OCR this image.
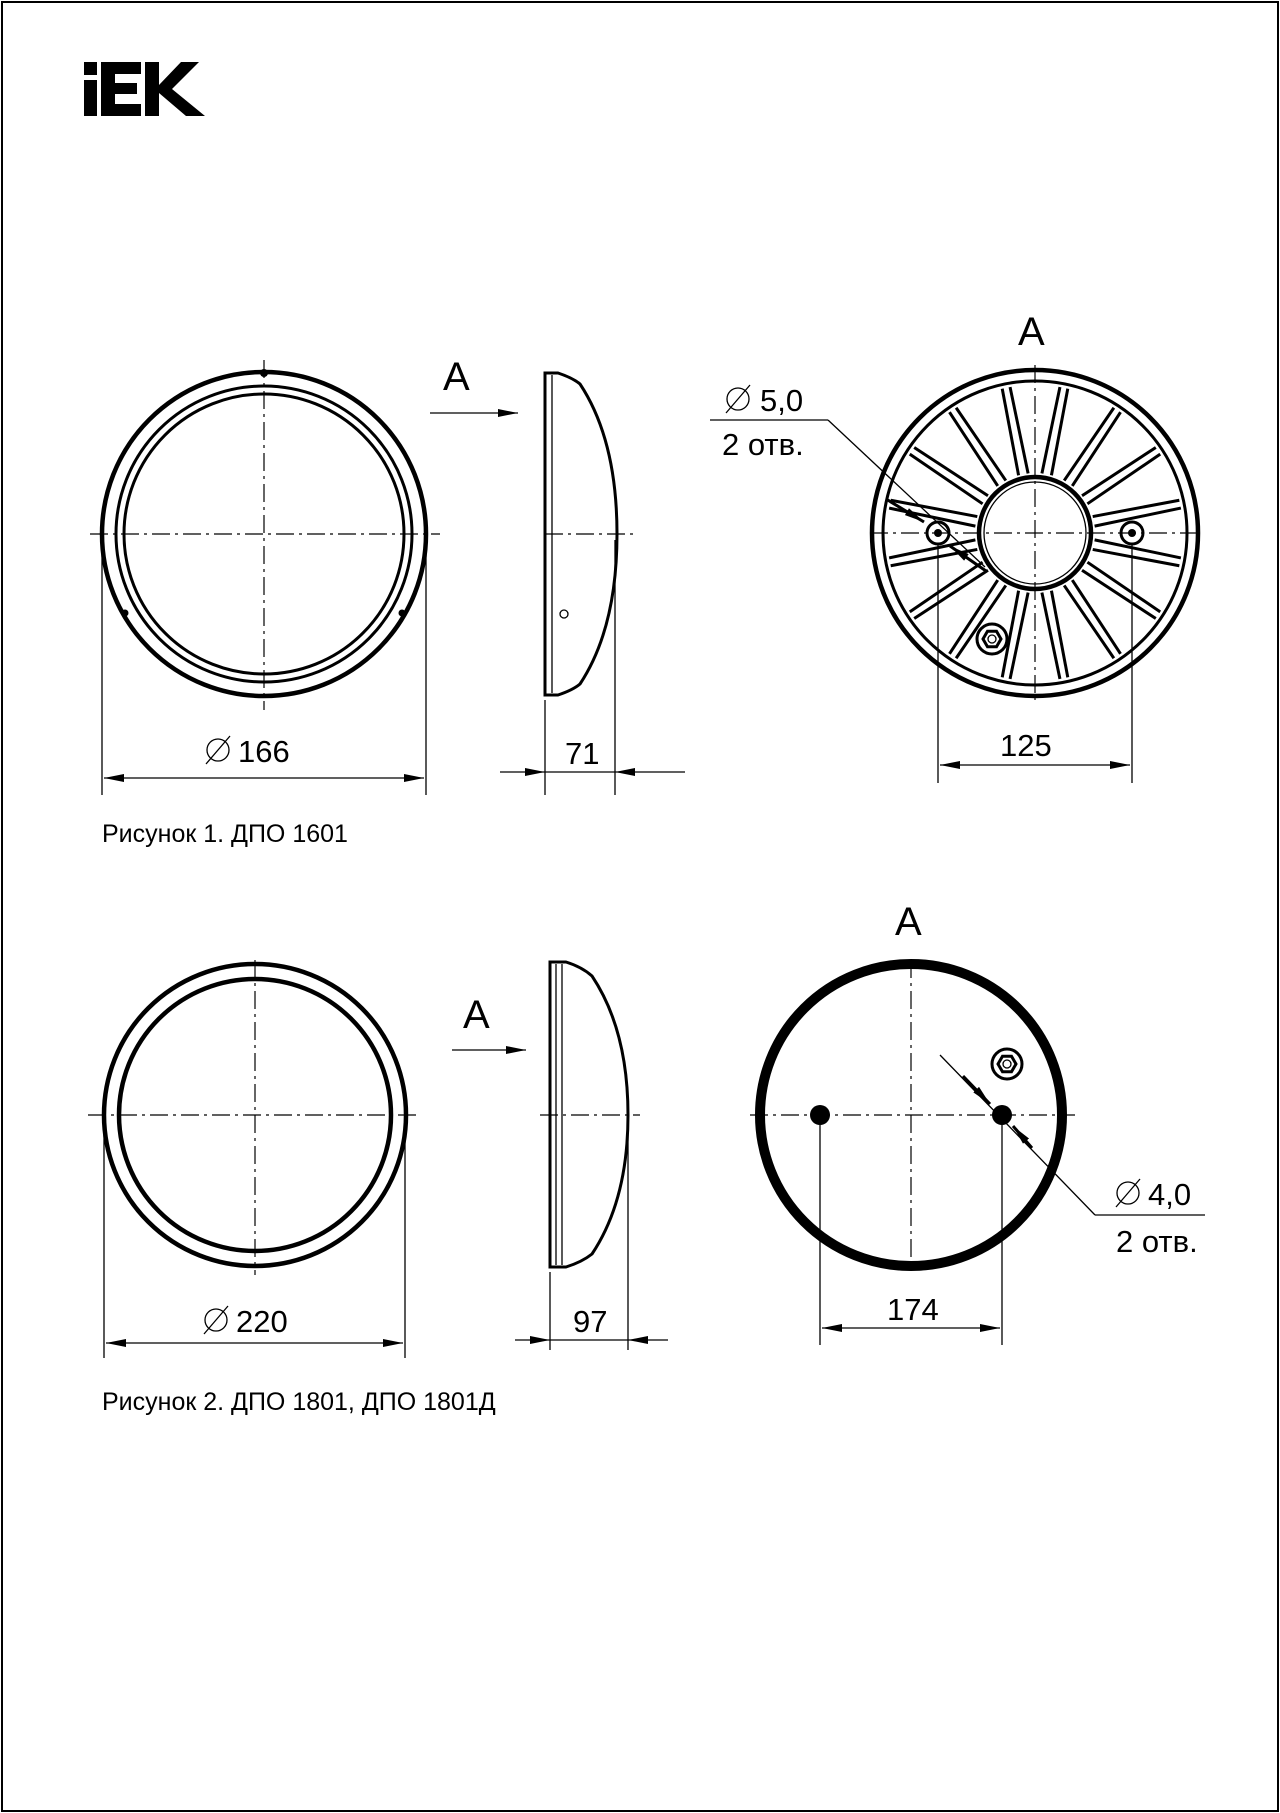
IEK
166
A
71
A
125
5,0
2 отв.
Рисунок 1. ДПО 1601
220
A
97
A
174
4,0
2 отв.
Рисунок 2. ДПО 1801, ДПО 1801Д
